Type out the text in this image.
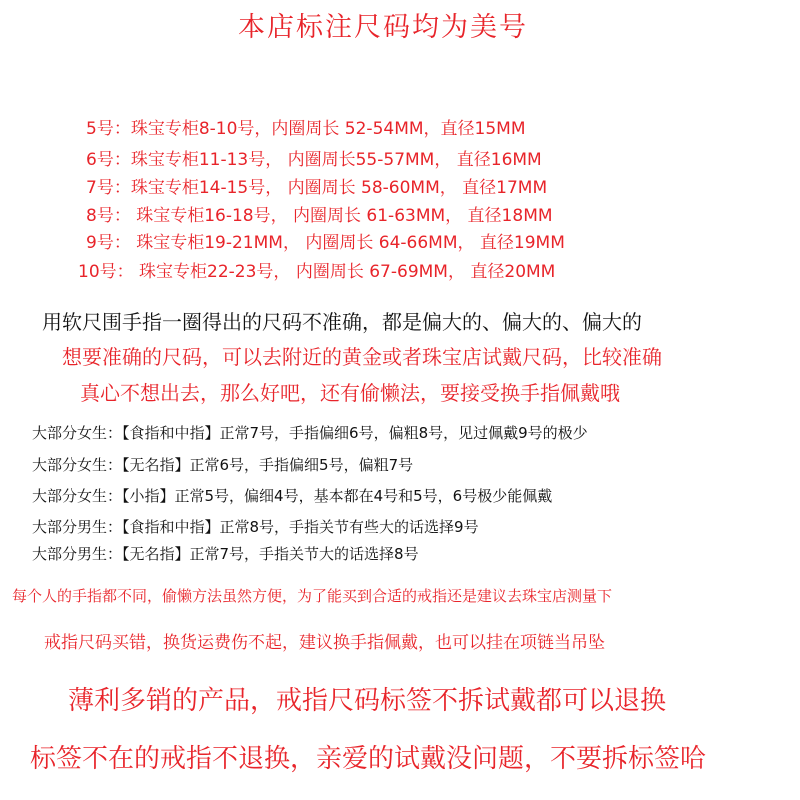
本店标注尺码均为美号
5号：珠宝专柜8-10号，内圈周长 52-54MM，直径15MM
6号：珠宝专柜11-13号， 内圈周长55-57MM， 直径16MM
7号：珠宝专柜14-15号， 内圈周长 58-60MM， 直径17MM
8号： 珠宝专柜16-18号， 内圈周长 61-63MM， 直径18MM
9号： 珠宝专柜19-21MM， 内圈周长 64-66MM， 直径19MM
10号： 珠宝专柜22-23号， 内圈周长 67-69MM， 直径20MM
用软尺围手指一圈得出的尺码不准确，都是偏大的、偏大的、偏大的
想要准确的尺码，可以去附近的黄金或者珠宝店试戴尺码，比较准确
真心不想出去，那么好吧，还有偷懒法，要接受换手指佩戴哦
大部分女生：【食指和中指】正常7号，手指偏细6号，偏粗8号，见过佩戴9号的极少
大部分女生：【无名指】正常6号，手指偏细5号，偏粗7号
大部分女生：【小指】正常5号，偏细4号，基本都在4号和5号，6号极少能佩戴
大部分男生：【食指和中指】正常8号，手指关节有些大的话选择9号
大部分男生：【无名指】正常7号，手指关节大的话选择8号
每个人的手指都不同，偷懒方法虽然方便，为了能买到合适的戒指还是建议去珠宝店测量下
戒指尺码买错，换货运费伤不起，建议换手指佩戴，也可以挂在项链当吊坠
薄利多销的产品，戒指尺码标签不拆试戴都可以退换
标签不在的戒指不退换，亲爱的试戴没问题，不要拆标签哈
